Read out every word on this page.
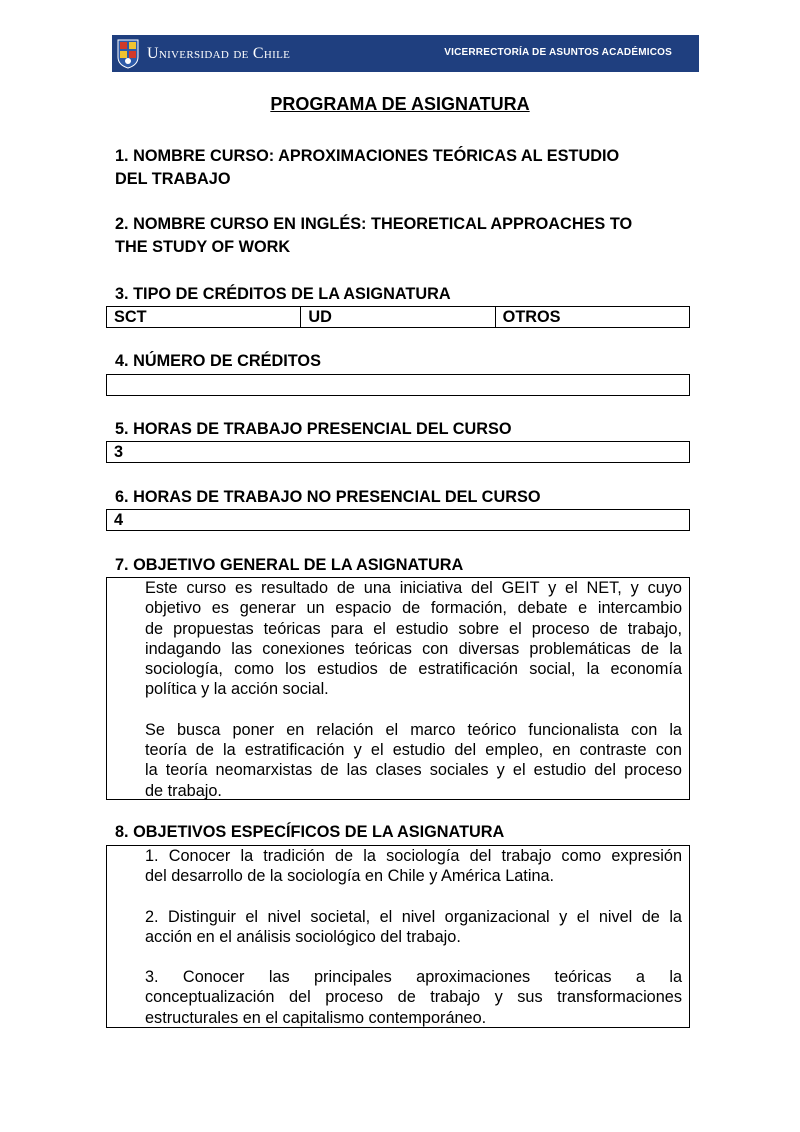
Universidad de Chile	VICERRECTORÍA DE ASUNTOS ACADÉMICOS
PROGRAMA DE ASIGNATURA
1. NOMBRE CURSO: APROXIMACIONES TEÓRICAS AL ESTUDIO
DEL TRABAJO
2. NOMBRE CURSO EN INGLÉS: THEORETICAL APPROACHES TO
THE STUDY OF WORK
3. TIPO DE CRÉDITOS DE LA ASIGNATURA
SCT	UD	OTROS
4. NÚMERO DE CRÉDITOS
5. HORAS DE TRABAJO PRESENCIAL DEL CURSO
3
6. HORAS DE TRABAJO NO PRESENCIAL DEL CURSO
4
7. OBJETIVO GENERAL DE LA ASIGNATURA
Este curso es resultado de una iniciativa del GEIT y el NET, y cuyo
objetivo es generar un espacio de formación, debate e intercambio
de propuestas teóricas para el estudio sobre el proceso de trabajo,
indagando las conexiones teóricas con diversas problemáticas de la
sociología, como los estudios de estratificación social, la economía
política y la acción social.
Se busca poner en relación el marco teórico funcionalista con la
teoría de la estratificación y el estudio del empleo, en contraste con
la teoría neomarxistas de las clases sociales y el estudio del proceso
de trabajo.
8. OBJETIVOS ESPECÍFICOS DE LA ASIGNATURA
1. Conocer la tradición de la sociología del trabajo como expresión
del desarrollo de la sociología en Chile y América Latina.
2. Distinguir el nivel societal, el nivel organizacional y el nivel de la
acción en el análisis sociológico del trabajo.
3. Conocer las principales aproximaciones teóricas a la
conceptualización del proceso de trabajo y sus transformaciones
estructurales en el capitalismo contemporáneo.
